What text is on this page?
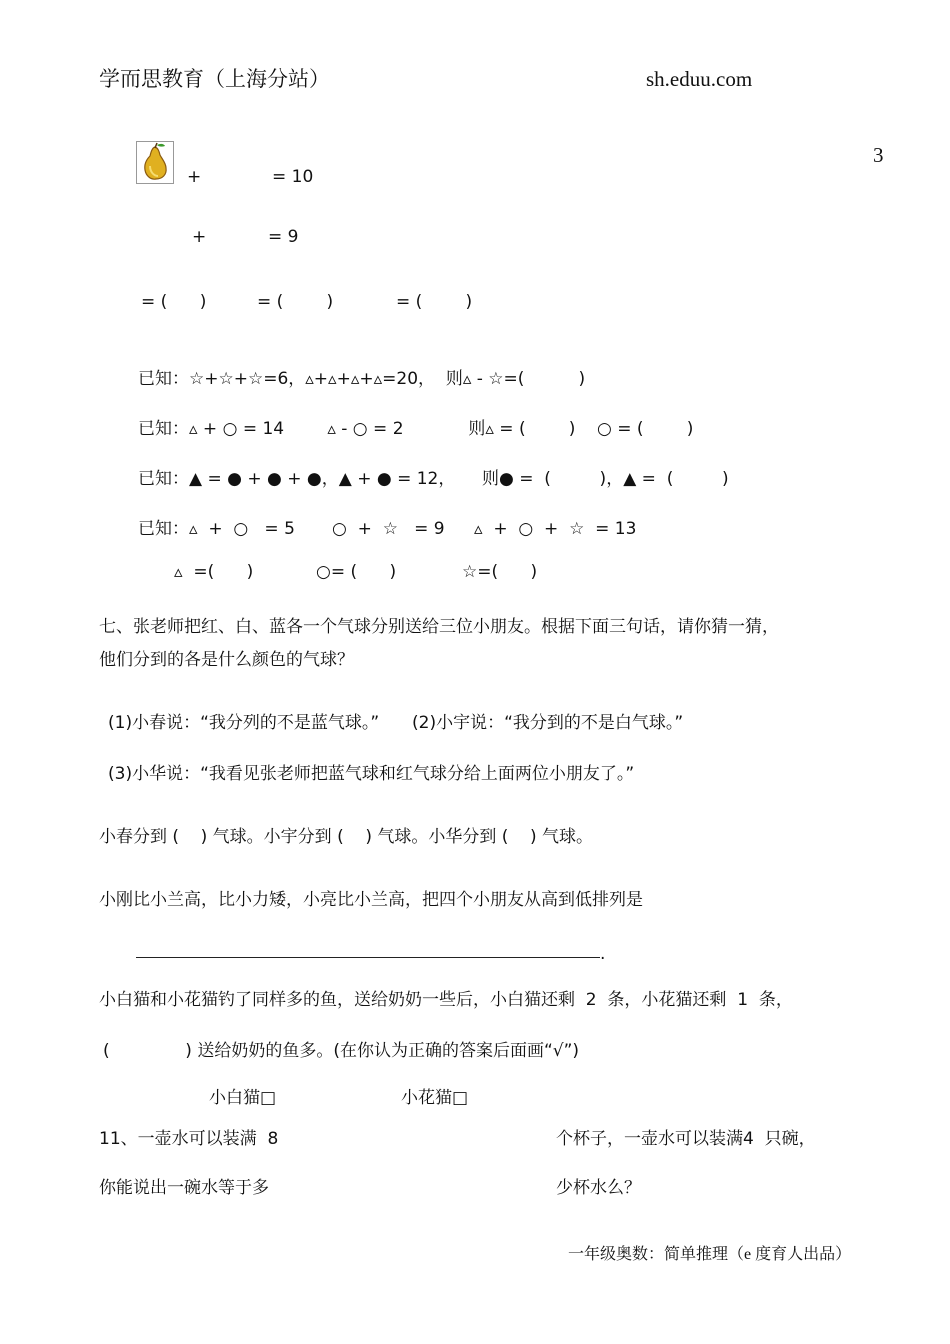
学而思教育（上海分站）	sh.eduu.com
3
+	= 10
+	= 9
= (      )	= (        )	= (        )
已知：☆+☆+☆=6，▵+▵+▵+▵=20，  则▵ - ☆=(          )
已知：▵ + ○ = 14        ▵ - ○ = 2            则▵ = (        )    ○ = (        )
已知：▲ = ● + ● + ●，▲ + ● = 12， 则● =  (         )，▲ =  (         )
已知：▵  +  ○   = 5 ○  +  ☆   = 9 ▵  +  ○  +  ☆  = 13
▵  =(      )	○= (      )	☆=(      )
七、张老师把红、白、蓝各一个气球分别送给三位小朋友。根据下面三句话，请你猜一猜，
他们分到的各是什么颜色的气球？
(1)小春说：“我分列的不是蓝气球。” (2)小宇说：“我分到的不是白气球。”
(3)小华说：“我看见张老师把蓝气球和红气球分给上面两位小朋友了。”
小春分到 (    ) 气球。小宇分到 (    ) 气球。小华分到 (    ) 气球。
小刚比小兰高，比小力矮，小亮比小兰高，把四个小朋友从高到低排列是
.
小白猫和小花猫钓了同样多的鱼，送给奶奶一些后，小白猫还剩  2  条，小花猫还剩  1  条，
(              ) 送给奶奶的鱼多。(在你认为正确的答案后面画“√”)
小白猫□	小花猫□
11、一壶水可以装满  8	个杯子，一壶水可以装满4  只碗，
你能说出一碗水等于多	少杯水么？
一年级奥数：简单推理（e 度育人出品）
